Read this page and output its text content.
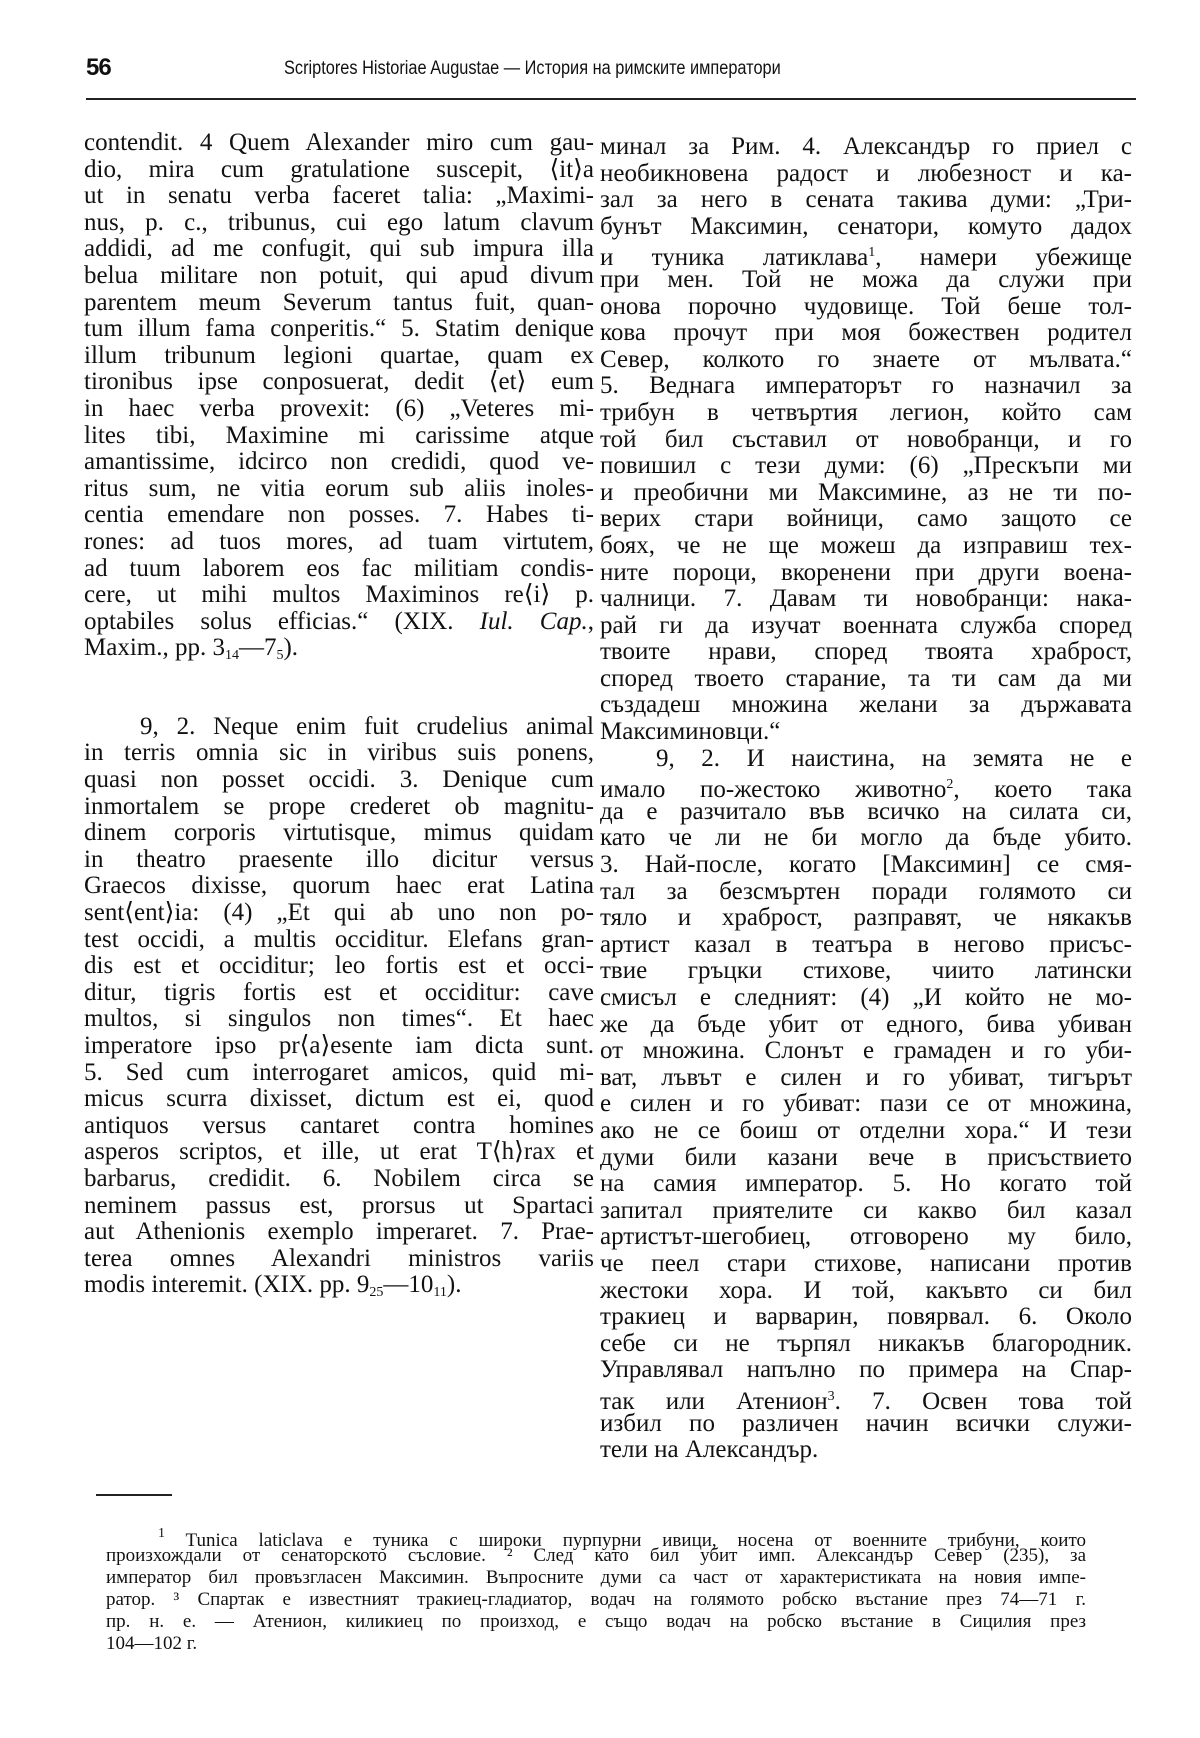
56	Scriptores Historiae Augustae — История на римските императори
contendit. 4 Quem Alexander miro cum gau-
dio, mira cum gratulatione suscepit, ⟨it⟩a
ut in senatu verba faceret talia: „Maximi-
nus, p. c., tribunus, cui ego latum clavum
addidi, ad me confugit, qui sub impura illa
belua militare non potuit, qui apud divum
parentem meum Severum tantus fuit, quan-
tum illum fama conperitis.“ 5. Statim denique
illum tribunum legioni quartae, quam ex
tironibus ipse conposuerat, dedit ⟨et⟩ eum
in haec verba provexit: (6) „Veteres mi-
lites tibi, Maximine mi carissime atque
amantissime, idcirco non credidi, quod ve-
ritus sum, ne vitia eorum sub aliis inoles-
centia emendare non posses. 7. Habes ti-
rones: ad tuos mores, ad tuam virtutem,
ad tuum laborem eos fac militiam condis-
cere, ut mihi multos Maximinos re⟨i⟩ p.
optabiles solus efficias.“ (XIX. Iul. Cap.,
Maxim., pp. $3_{14}—7_5$).
9, 2. Neque enim fuit crudelius animal
in terris omnia sic in viribus suis ponens,
quasi non posset occidi. 3. Denique cum
inmortalem se prope crederet ob magnitu-
dinem corporis virtutisque, mimus quidam
in theatro praesente illo dicitur versus
Graecos dixisse, quorum haec erat Latina
sent⟨ent⟩ia: (4) „Et qui ab uno non po-
test occidi, a multis occiditur. Elefans gran-
dis est et occiditur; leo fortis est et occi-
ditur, tigris fortis est et occiditur: cave
multos, si singulos non times“. Et haec
imperatore ipso pr⟨a⟩esente iam dicta sunt.
5. Sed cum interrogaret amicos, quid mi-
micus scurra dixisset, dictum est ei, quod
antiquos versus cantaret contra homines
asperos scriptos, et ille, ut erat T⟨h⟩rax et
barbarus, credidit. 6. Nobilem circa se
neminem passus est, prorsus ut Spartaci
aut Athenionis exemplo imperaret. 7. Prae-
terea omnes Alexandri ministros variis
modis interemit. (XIX. pp. $9_{25}—10_{11}$).
минал за Рим. 4. Александър го приел с
необикновена радост и любезност и ка-
зал за него в сената такива думи: „Три-
бунът Максимин, сенатори, комуто дадох
и туника латиклава$^1$, намери убежище
при мен. Той не можа да служи при
онова порочно чудовище. Той беше тол-
кова прочут при моя божествен родител
Север, колкото го знаете от мълвата.“
5. Веднага императорът го назначил за
трибун в четвъртия легион, който сам
той бил съставил от новобранци, и го
повишил с тези думи: (6) „Прескъпи ми
и преобични ми Максимине, аз не ти по-
верих стари войници, само защото се
боях, че не ще можеш да изправиш тех-
ните пороци, вкоренени при други воена-
чалници. 7. Давам ти новобранци: нака-
рай ги да изучат военната служба според
твоите нрави, според твоята храброст,
според твоето старание, та ти сам да ми
създадеш множина желани за държавата
Максиминовци.“
9, 2. И наистина, на земята не е
имало по-жестоко животно$^2$, което така
да е разчитало във всичко на силата си,
като че ли не би могло да бъде убито.
3. Най-после, когато [Максимин] се смя-
тал за безсмъртен поради голямото си
тяло и храброст, разправят, че някакъв
артист казал в театъра в негово присъс-
твие гръцки стихове, чиито латински
смисъл е следният: (4) „И който не мо-
же да бъде убит от едного, бива убиван
от множина. Слонът е грамаден и го уби-
ват, лъвът е силен и го убиват, тигърът
е силен и го убиват: пази се от множина,
ако не се боиш от отделни хора.“ И тези
думи били казани вече в присъствието
на самия император. 5. Но когато той
запитал приятелите си какво бил казал
артистът-шегобиец, отговорено му било,
че пеел стари стихове, написани против
жестоки хора. И той, какъвто си бил
тракиец и варварин, повярвал. 6. Около
себе си не търпял никакъв благородник.
Управлявал напълно по примера на Спар-
так или Атенион$^3$. 7. Освен това той
избил по различен начин всички служи-
тели на Александър.
$^1$ Tunica laticlava е туника с широки пурпурни ивици, носена от военните трибуни, които
произхождали от сенаторското съсловие. ² След като бил убит имп. Александър Север (235), за
император бил провъзгласен Максимин. Въпросните думи са част от характеристиката на новия импе-
ратор. ³ Спартак е известният тракиец-гладиатор, водач на голямото робско въстание през 74—71 г.
пр. н. е. — Атенион, киликиец по произход, е също водач на робско въстание в Сицилия през
104—102 г.
